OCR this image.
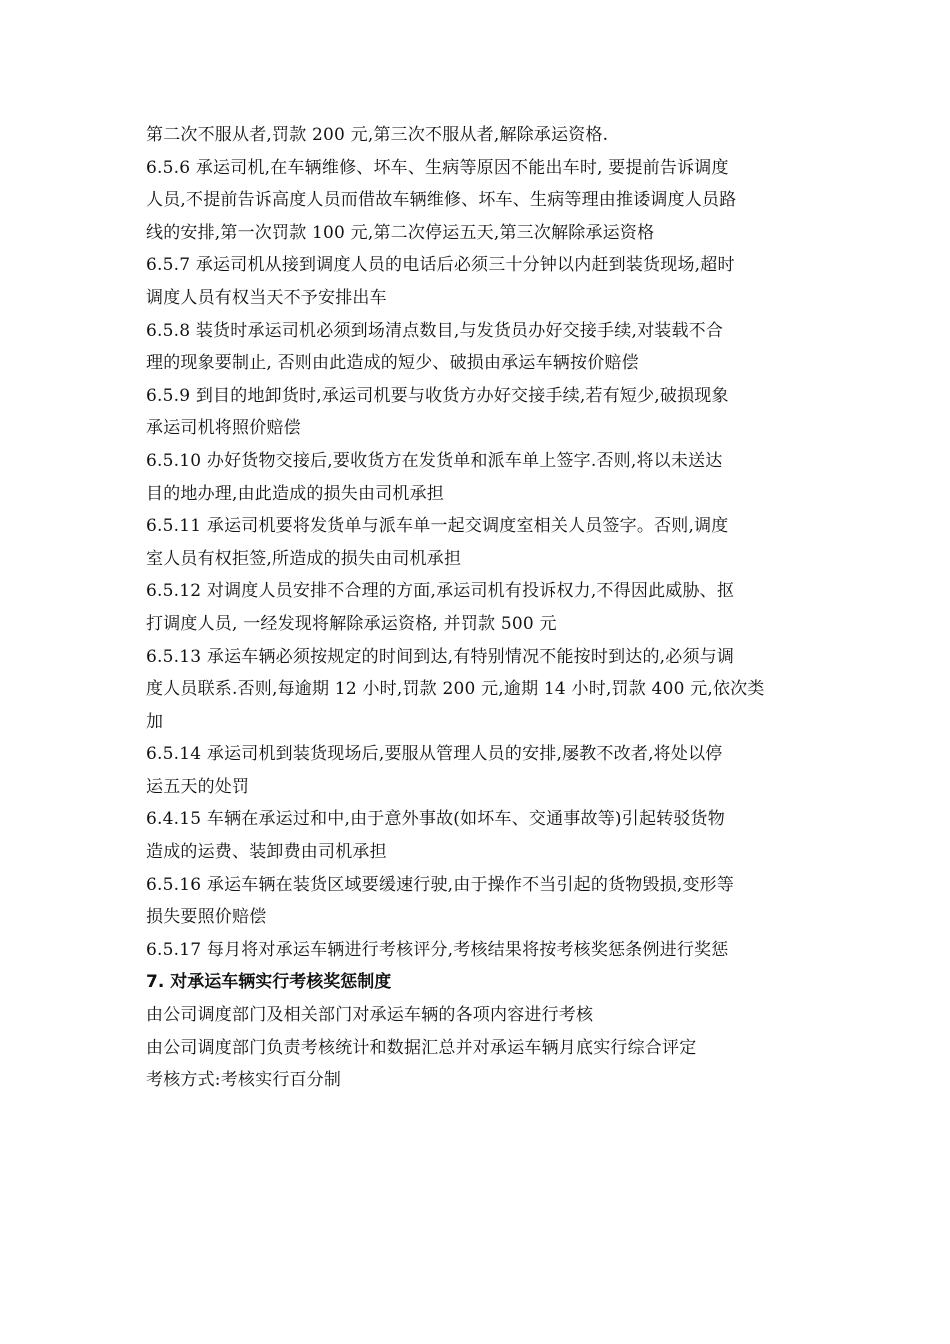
第二次不服从者,罚款 200 元,第三次不服从者,解除承运资格.
6.5.6 承运司机,在车辆维修、坏车、生病等原因不能出车时, 要提前告诉调度
人员,不提前告诉高度人员而借故车辆维修、坏车、生病等理由推诿调度人员路
线的安排,第一次罚款 100 元,第二次停运五天,第三次解除承运资格
6.5.7 承运司机从接到调度人员的电话后必须三十分钟以内赶到装货现场,超时
调度人员有权当天不予安排出车
6.5.8 装货时承运司机必须到场清点数目,与发货员办好交接手续,对装载不合
理的现象要制止, 否则由此造成的短少、破损由承运车辆按价赔偿
6.5.9 到目的地卸货时,承运司机要与收货方办好交接手续,若有短少,破损现象
承运司机将照价赔偿
6.5.10 办好货物交接后,要收货方在发货单和派车单上签字.否则,将以未送达
目的地办理,由此造成的损失由司机承担
6.5.11 承运司机要将发货单与派车单一起交调度室相关人员签字。否则,调度
室人员有权拒签,所造成的损失由司机承担
6.5.12 对调度人员安排不合理的方面,承运司机有投诉权力,不得因此威胁、抠
打调度人员, 一经发现将解除承运资格, 并罚款 500 元
6.5.13 承运车辆必须按规定的时间到达,有特别情况不能按时到达的,必须与调
度人员联系.否则,每逾期 12 小时,罚款 200 元,逾期 14 小时,罚款 400 元,依次类
加
6.5.14 承运司机到装货现场后,要服从管理人员的安排,屡教不改者,将处以停
运五天的处罚
6.4.15 车辆在承运过和中,由于意外事故(如坏车、交通事故等)引起转驳货物
造成的运费、装卸费由司机承担
6.5.16 承运车辆在装货区域要缓速行驶,由于操作不当引起的货物毁损,变形等
损失要照价赔偿
6.5.17 每月将对承运车辆进行考核评分,考核结果将按考核奖惩条例进行奖惩
7. 对承运车辆实行考核奖惩制度
由公司调度部门及相关部门对承运车辆的各项内容进行考核
由公司调度部门负责考核统计和数据汇总并对承运车辆月底实行综合评定
考核方式:考核实行百分制
